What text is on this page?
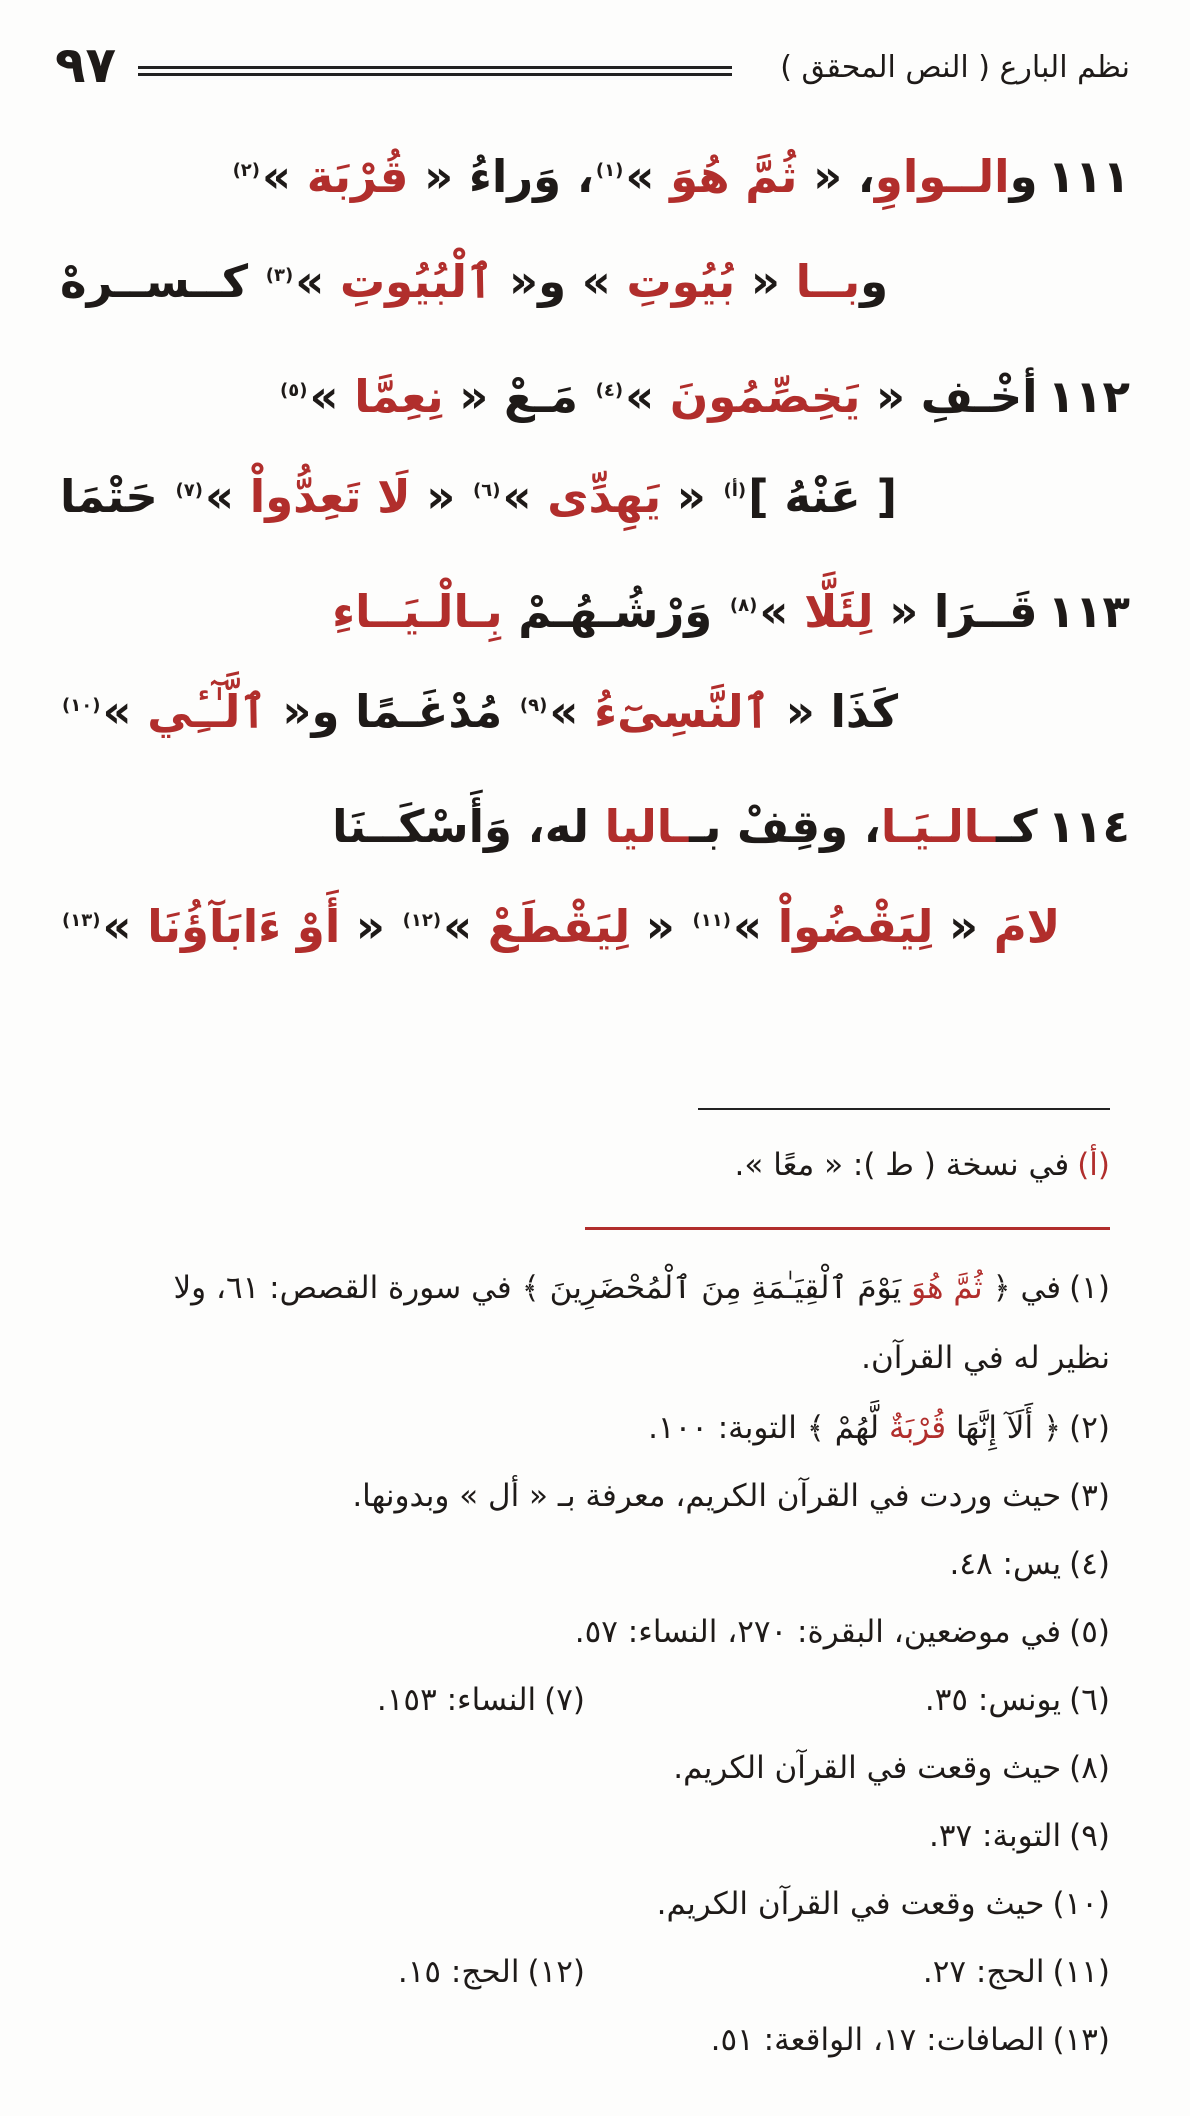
٩٧	نظم البارع ( النص المحقق )
١١١والــواوِ، « ثُمَّ هُوَ »$^{(١)}$، وَراءُ « قُرْبَة »$^{(٢)}$
وبــا « بُيُوتِ » و« ٱلْبُيُوتِ »$^{(٣)}$ كــســرهْ
١١٢أخْـفِ « يَخِصِّمُونَ »$^{(٤)}$ مَـعْ « نِعِمَّا »$^{(٥)}$
[ عَنْهُ ]$^{(أ)}$ « يَهِدِّى »$^{(٦)}$ « لَا تَعِدُّواْ »$^{(٧)}$ حَتْمَا
١١٣قَــرَا « لِئَلَّا »$^{(٨)}$ وَرْشُـهُـمْ بِـالْـيَــاءِ
كَذَا « ٱلنَّسِىٓءُ »$^{(٩)}$ مُدْغَـمًا و« ٱلَّـٰٓـِٔي »$^{(١٠)}$
١١٤كــالـيَـا، وقِفْ بــاليا له، وَأَسْكَــنَا
لامَ « لِيَقْضُواْ »$^{(١١)}$ « لِيَقْطَعْ »$^{(١٢)}$ « أَوْ ءَابَآؤُنَا »$^{(١٣)}$
(أ)في نسخة ( ط ): « معًا ».
(١)في ﴿ ثُمَّ هُوَ يَوْمَ ٱلْقِيَـٰمَةِ مِنَ ٱلْمُحْضَرِينَ ﴾ في سورة القصص: ٦١، ولا
نظير له في القرآن.
(٢)﴿ أَلَآ إِنَّهَا قُرْبَةٌ لَّهُمْ ﴾ التوبة: ١٠٠.
(٣)حيث وردت في القرآن الكريم، معرفة بـ « أل » وبدونها.
(٤)يس: ٤٨.
(٥)في موضعين، البقرة: ٢٧٠، النساء: ٥٧.
(٦)يونس: ٣٥.
(٧)النساء: ١٥٣.
(٨)حيث وقعت في القرآن الكريم.
(٩)التوبة: ٣٧.
(١٠)حيث وقعت في القرآن الكريم.
(١١)الحج: ٢٧.
(١٢)الحج: ١٥.
(١٣)الصافات: ١٧، الواقعة: ٥١.
